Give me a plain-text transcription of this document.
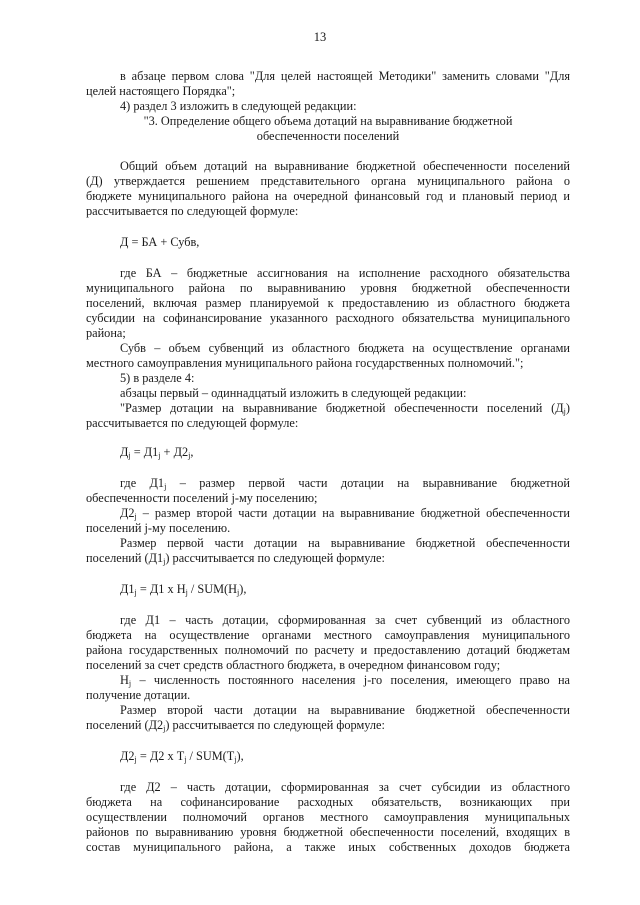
13
в абзаце первом слова "Для целей настоящей Методики" заменить словами "Для
целей настоящего Порядка";
4) раздел 3 изложить в следующей редакции:
"3. Определение общего объема дотаций на выравнивание бюджетной
обеспеченности поселений
Общий объем дотаций на выравнивание бюджетной обеспеченности поселений
(Д) утверждается решением представительного органа муниципального района о
бюджете муниципального района на очередной финансовый год и плановый период и
рассчитывается по следующей формуле:
Д = БА + Субв,
где БА – бюджетные ассигнования на исполнение расходного обязательства
муниципального района по выравниванию уровня бюджетной обеспеченности
поселений, включая размер планируемой к предоставлению из областного бюджета
субсидии на софинансирование указанного расходного обязательства муниципального
района;
Субв – объем субвенций из областного бюджета на осуществление органами
местного самоуправления муниципального района государственных полномочий.";
5) в разделе 4:
абзацы первый – одиннадцатый изложить в следующей редакции:
"Размер дотации на выравнивание бюджетной обеспеченности поселений $(Д_j)$
рассчитывается по следующей формуле:
$Д_j = Д1_j + Д2_j$,
где $Д1_j$ – размер первой части дотации на выравнивание бюджетной
обеспеченности поселений j-му поселению;
$Д2_j$ – размер второй части дотации на выравнивание бюджетной обеспеченности
поселений j-му поселению.
Размер первой части дотации на выравнивание бюджетной обеспеченности
поселений $(Д1_j)$ рассчитывается по следующей формуле:
$Д1_j = Д1$ x $Н_j / SUM(Н_j)$,
где Д1 – часть дотации, сформированная за счет субвенций из областного
бюджета на осуществление органами местного самоуправления муниципального
района государственных полномочий по расчету и предоставлению дотаций бюджетам
поселений за счет средств областного бюджета, в очередном финансовом году;
$Н_j$ – численность постоянного населения j-го поселения, имеющего право на
получение дотации.
Размер второй части дотации на выравнивание бюджетной обеспеченности
поселений $(Д2_j)$ рассчитывается по следующей формуле:
$Д2_j = Д2$ x $Т_j / SUM(Т_j)$,
где Д2 – часть дотации, сформированная за счет субсидии из областного
бюджета на софинансирование расходных обязательств, возникающих при
осуществлении полномочий органов местного самоуправления муниципальных
районов по выравниванию уровня бюджетной обеспеченности поселений, входящих в
состав муниципального района, а также иных собственных доходов бюджета
